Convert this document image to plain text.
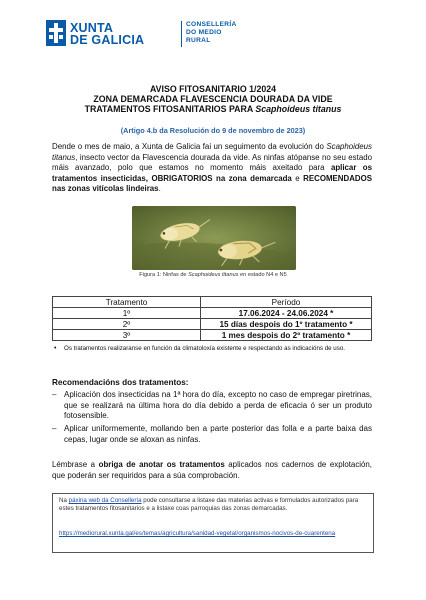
XUNTA
DE GALICIA
CONSELLERÍA
DO MEDIO
RURAL
AVISO FITOSANITARIO 1/2024
ZONA DEMARCADA FLAVESCENCIA DOURADA DA VIDE
TRATAMENTOS FITOSANITARIOS PARA Scaphoideus titanus
(Artigo 4.b da Resolución do 9 de novembro de 2023)
Dende o mes de maio, a Xunta de Galicia fai un seguimento da evolución do Scaphoideus titanus, insecto vector da Flavescencia dourada da vide. As ninfas atópanse no seu estado máis avanzado, polo que estamos no momento máis axeitado para aplicar os tratamentos insecticidas, OBRIGATORIOS na zona demarcada e RECOMENDADOS nas zonas vitícolas lindeiras.
Figura 1: Ninfas de Scaphoideus titanus en estado N4 e N5
Tratamento	Período
1º	17.06.2024 - 24.06.2024 *
2º	15 días despois do 1º tratamento *
3º	1 mes despois do 2º tratamento *
•	Os tratamentos realizaranse en función da climatoloxía existente e respectando as indicacións de uso.
Recomendacións dos tratamentos:
– Aplicación dos insecticidas na 1ª hora do día, excepto no caso de empregar piretrinas, que se realizará na última hora do día debido a perda de eficacia ó ser un produto fotosensible.
– Aplicar uniformemente, mollando ben a parte posterior das folla e a parte baixa das cepas, lugar onde se aloxan as ninfas.
Lémbrase a obriga de anotar os tratamentos aplicados nos cadernos de explotación, que poderán ser requiridos para a súa comprobación.
Na páxina web da Consellería pode consultarse a listaxe das materias activas e formulados autorizados para estes tratamentos fitosanitarios e a listaxe coas parroquias das zonas demarcadas.
https://mediorural.xunta.gal/es/temas/agricultura/sanidad-vegetal/organismos-nocivos-de-cuarentena
